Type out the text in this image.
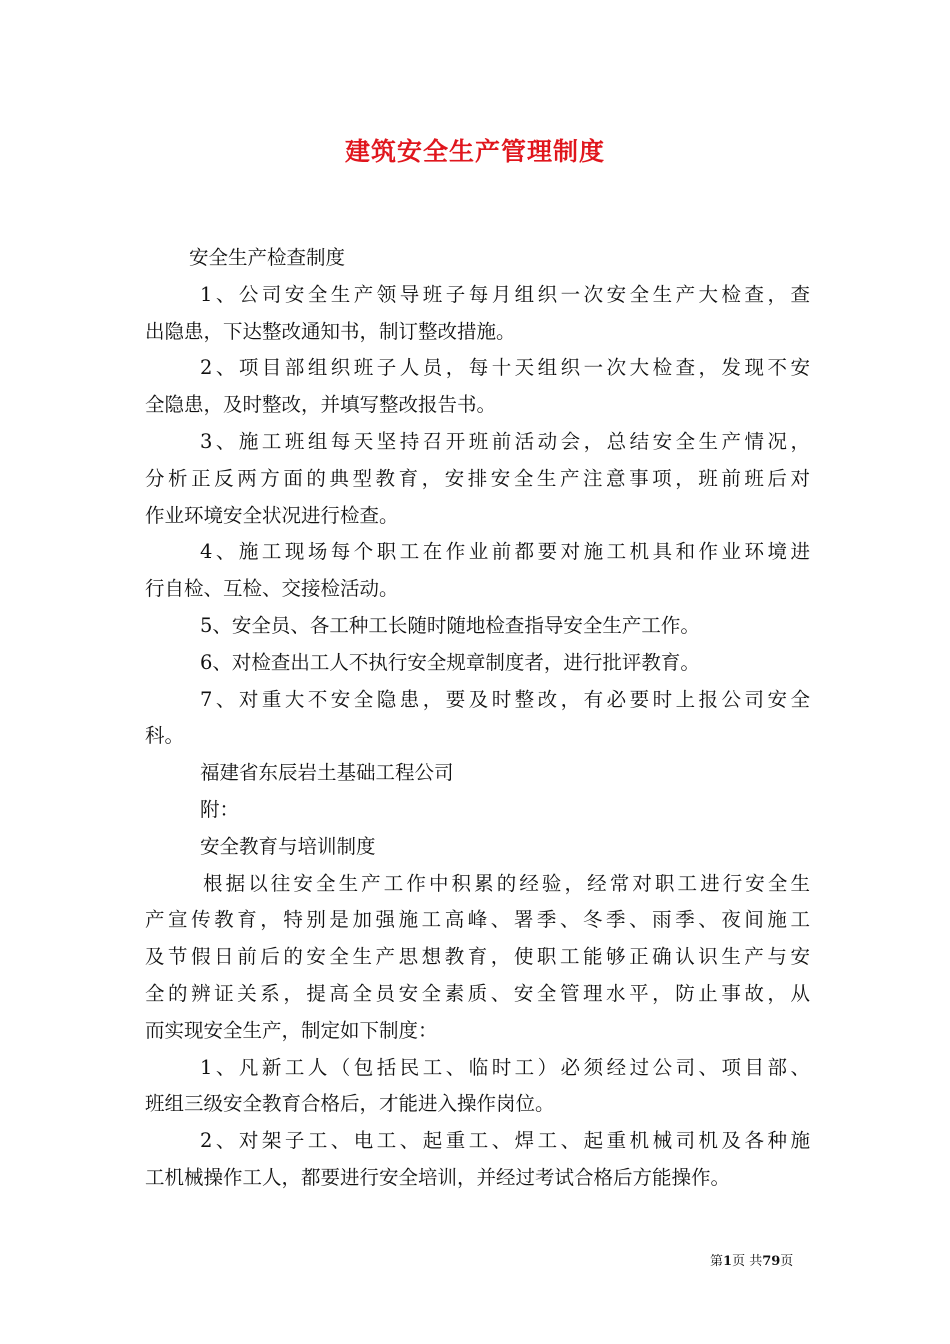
建筑安全生产管理制度
安全生产检查制度
1、公司安全生产领导班子每月组织一次安全生产大检查，查
出隐患，下达整改通知书，制订整改措施。
2、项目部组织班子人员，每十天组织一次大检查，发现不安
全隐患，及时整改，并填写整改报告书。
3、施工班组每天坚持召开班前活动会，总结安全生产情况，
分析正反两方面的典型教育，安排安全生产注意事项，班前班后对
作业环境安全状况进行检查。
4、施工现场每个职工在作业前都要对施工机具和作业环境进
行自检、互检、交接检活动。
5、安全员、各工种工长随时随地检查指导安全生产工作。
6、对检查出工人不执行安全规章制度者，进行批评教育。
7、对重大不安全隐患，要及时整改，有必要时上报公司安全
科。
福建省东辰岩土基础工程公司
附：
安全教育与培训制度
根据以往安全生产工作中积累的经验，经常对职工进行安全生
产宣传教育，特别是加强施工高峰、署季、冬季、雨季、夜间施工
及节假日前后的安全生产思想教育，使职工能够正确认识生产与安
全的辨证关系，提高全员安全素质、安全管理水平，防止事故，从
而实现安全生产，制定如下制度：
1、凡新工人（包括民工、临时工）必须经过公司、项目部、
班组三级安全教育合格后，才能进入操作岗位。
2、对架子工、电工、起重工、焊工、起重机械司机及各种施
工机械操作工人，都要进行安全培训，并经过考试合格后方能操作。
第1页 共79页
